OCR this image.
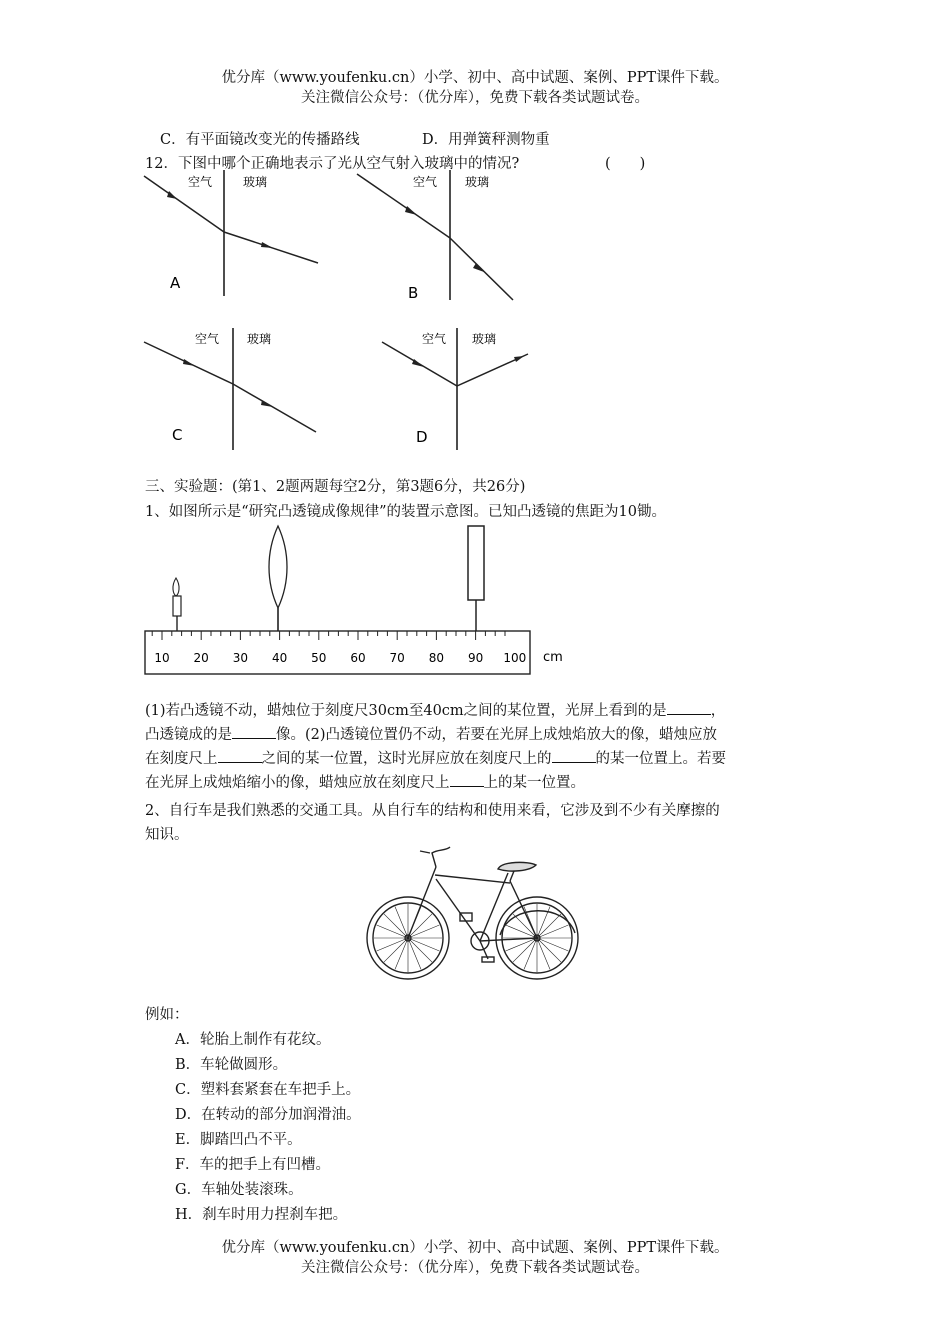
优分库（www.youfenku.cn）小学、初中、高中试题、案例、PPT课件下载。
关注微信公众号：（优分库），免费下载各类试题试卷。
C．有平面镜改变光的传播路线	D．用弹簧秤测物重
12．下图中哪个正确地表示了光从空气射入玻璃中的情况?	(　　)
空气	玻璃
A
空气 玻璃
B
空气 玻璃
C
空气 玻璃
D
三、实验题：(第1、2题两题每空2分，第3题6分，共26分)
1、如图所示是“研究凸透镜成像规律”的装置示意图。已知凸透镜的焦距为10锄。
10 20 30 40 50 60 70 80 90 100 cm
(1)若凸透镜不动，蜡烛位于刻度尺30cm至40cm之间的某位置，光屏上看到的是	，
凸透镜成的是	像。(2)凸透镜位置仍不动，若要在光屏上成烛焰放大的像，蜡烛应放
在刻度尺上	之间的某一位置，这时光屏应放在刻度尺上的	的某一位置上。若要
在光屏上成烛焰缩小的像，蜡烛应放在刻度尺上 上的某一位置。
2、自行车是我们熟悉的交通工具。从自行车的结构和使用来看，它涉及到不少有关摩擦的
知识。
例如：
A．轮胎上制作有花纹。
B．车轮做圆形。
C．塑料套紧套在车把手上。
D．在转动的部分加润滑油。
E．脚踏凹凸不平。
F．车的把手上有凹槽。
G．车轴处装滚珠。
H．刹车时用力捏刹车把。
优分库（www.youfenku.cn）小学、初中、高中试题、案例、PPT课件下载。
关注微信公众号：（优分库），免费下载各类试题试卷。
